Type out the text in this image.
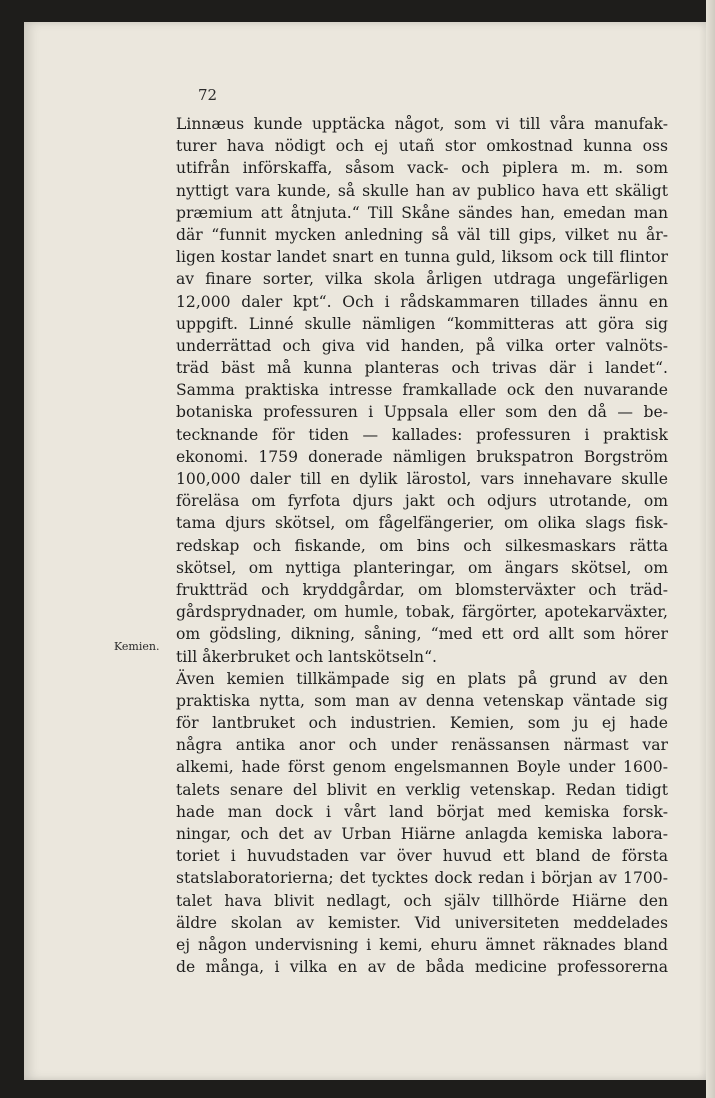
72
Kemien.
Linnæus kunde upptäcka något, som vi till våra manufak-
turer hava nödigt och ej utañ stor omkostnad kunna oss
utifrån införskaffa, såsom vack- och piplera m. m. som
nyttigt vara kunde, så skulle han av publico hava ett skäligt
præmium att åtnjuta.“ Till Skåne sändes han, emedan man
där “funnit mycken anledning så väl till gips, vilket nu år-
ligen kostar landet snart en tunna guld, liksom ock till flintor
av finare sorter, vilka skola årligen utdraga ungefärligen
12,000 daler kpt“. Och i rådskammaren tillades ännu en
uppgift. Linné skulle nämligen “kommitteras att göra sig
underrättad och giva vid handen, på vilka orter valnöts-
träd bäst må kunna planteras och trivas där i landet“.
Samma praktiska intresse framkallade ock den nuvarande
botaniska professuren i Uppsala eller som den då — be-
tecknande för tiden — kallades: professuren i praktisk
ekonomi. 1759 donerade nämligen brukspatron Borgström
100,000 daler till en dylik lärostol, vars innehavare skulle
föreläsa om fyrfota djurs jakt och odjurs utrotande, om
tama djurs skötsel, om fågelfängerier, om olika slags fisk-
redskap och fiskande, om bins och silkesmaskars rätta
skötsel, om nyttiga planteringar, om ängars skötsel, om
fruktträd och kryddgårdar, om blomsterväxter och träd-
gårdsprydnader, om humle, tobak, färgörter, apotekarväxter,
om gödsling, dikning, såning, “med ett ord allt som hörer
till åkerbruket och lantskötseln“.
Även kemien tillkämpade sig en plats på grund av den
praktiska nytta, som man av denna vetenskap väntade sig
för lantbruket och industrien. Kemien, som ju ej hade
några antika anor och under renässansen närmast var
alkemi, hade först genom engelsmannen Boyle under 1600-
talets senare del blivit en verklig vetenskap. Redan tidigt
hade man dock i vårt land börjat med kemiska forsk-
ningar, och det av Urban Hiärne anlagda kemiska labora-
toriet i huvudstaden var över huvud ett bland de första
statslaboratorierna; det tycktes dock redan i början av 1700-
talet hava blivit nedlagt, och själv tillhörde Hiärne den
äldre skolan av kemister. Vid universiteten meddelades
ej någon undervisning i kemi, ehuru ämnet räknades bland
de många, i vilka en av de båda medicine professorerna
